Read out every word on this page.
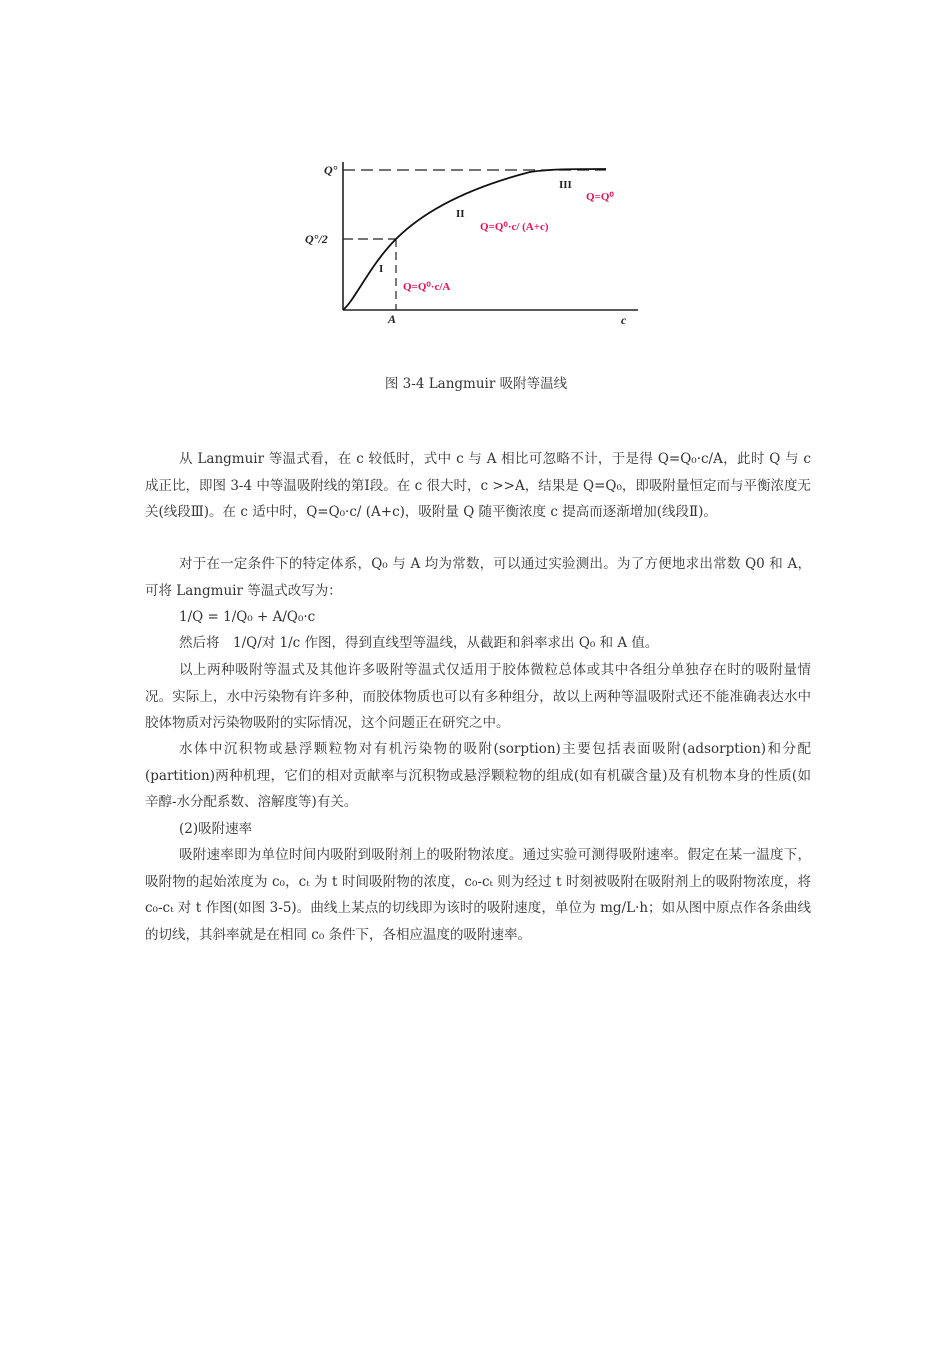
Q°
Q°/2
A	c
I
II
III
Q=Q⁰·c/A
Q=Q⁰·c/ (A+c)
Q=Q⁰
图 3-4 Langmuir 吸附等温线

从 Langmuir 等温式看，在 c 较低时，式中 c 与 A 相比可忽略不计，于是得 Q=Q₀·c/A，此时 Q 与 c 成正比，即图 3-4 中等温吸附线的第Ⅰ段。在 c 很大时，c >>A，结果是 Q=Q₀，即吸附量恒定而与平衡浓度无关(线段Ⅲ)。在 c 适中时，Q=Q₀·c/ (A+c)，吸附量 Q 随平衡浓度 c 提高而逐渐增加(线段Ⅱ)。

对于在一定条件下的特定体系，Q₀ 与 A 均为常数，可以通过实验测出。为了方便地求出常数 Q0 和 A，可将 Langmuir 等温式改写为：

1/Q = 1/Q₀ + A/Q₀·c

然后将　1/Q/对 1/c 作图，得到直线型等温线，从截距和斜率求出 Q₀ 和 A 值。

以上两种吸附等温式及其他许多吸附等温式仅适用于胶体微粒总体或其中各组分单独存在时的吸附量情况。实际上，水中污染物有许多种，而胶体物质也可以有多种组分，故以上两种等温吸附式还不能准确表达水中胶体物质对污染物吸附的实际情况，这个问题正在研究之中。

水体中沉积物或悬浮颗粒物对有机污染物的吸附(sorption)主要包括表面吸附(adsorption)和分配(partition)两种机理，它们的相对贡献率与沉积物或悬浮颗粒物的组成(如有机碳含量)及有机物本身的性质(如辛醇-水分配系数、溶解度等)有关。

(2)吸附速率

吸附速率即为单位时间内吸附到吸附剂上的吸附物浓度。通过实验可测得吸附速率。假定在某一温度下，吸附物的起始浓度为 c₀，cₜ 为 t 时间吸附物的浓度，c₀-cₜ 则为经过 t 时刻被吸附在吸附剂上的吸附物浓度，将 c₀-cₜ 对 t 作图(如图 3-5)。曲线上某点的切线即为该时的吸附速度，单位为 mg/L·h；如从图中原点作各条曲线的切线，其斜率就是在相同 c₀ 条件下，各相应温度的吸附速率。
